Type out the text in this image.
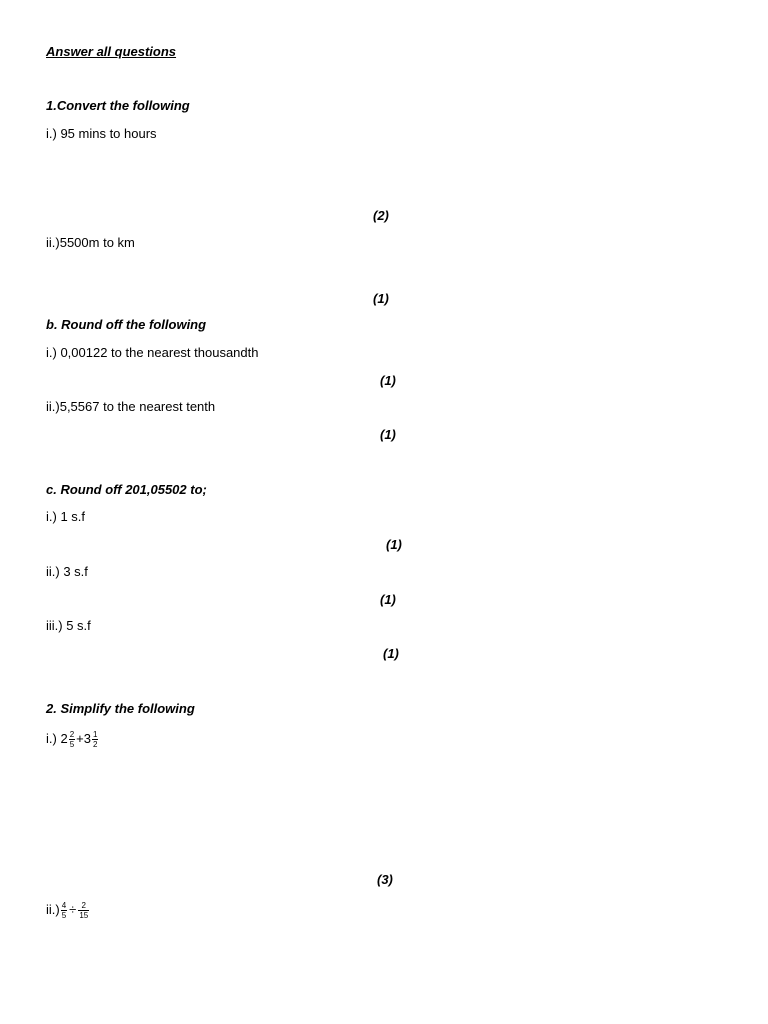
Answer all questions
1.Convert the following
i.) 95 mins to hours
(2)
ii.)5500m to km
(1)
b. Round off the following
i.) 0,00122 to the nearest thousandth
(1)
ii.)5,5567 to the nearest tenth
(1)
c. Round off 201,05502 to;
i.) 1 s.f
(1)
ii.) 3 s.f
(1)
iii.) 5 s.f
(1)
2. Simplify the following
i.) $2 \frac{2}{5} +3 \frac{1}{2}$
(3)
$ii.) \frac{4}{5} \div \frac{2}{15}$
